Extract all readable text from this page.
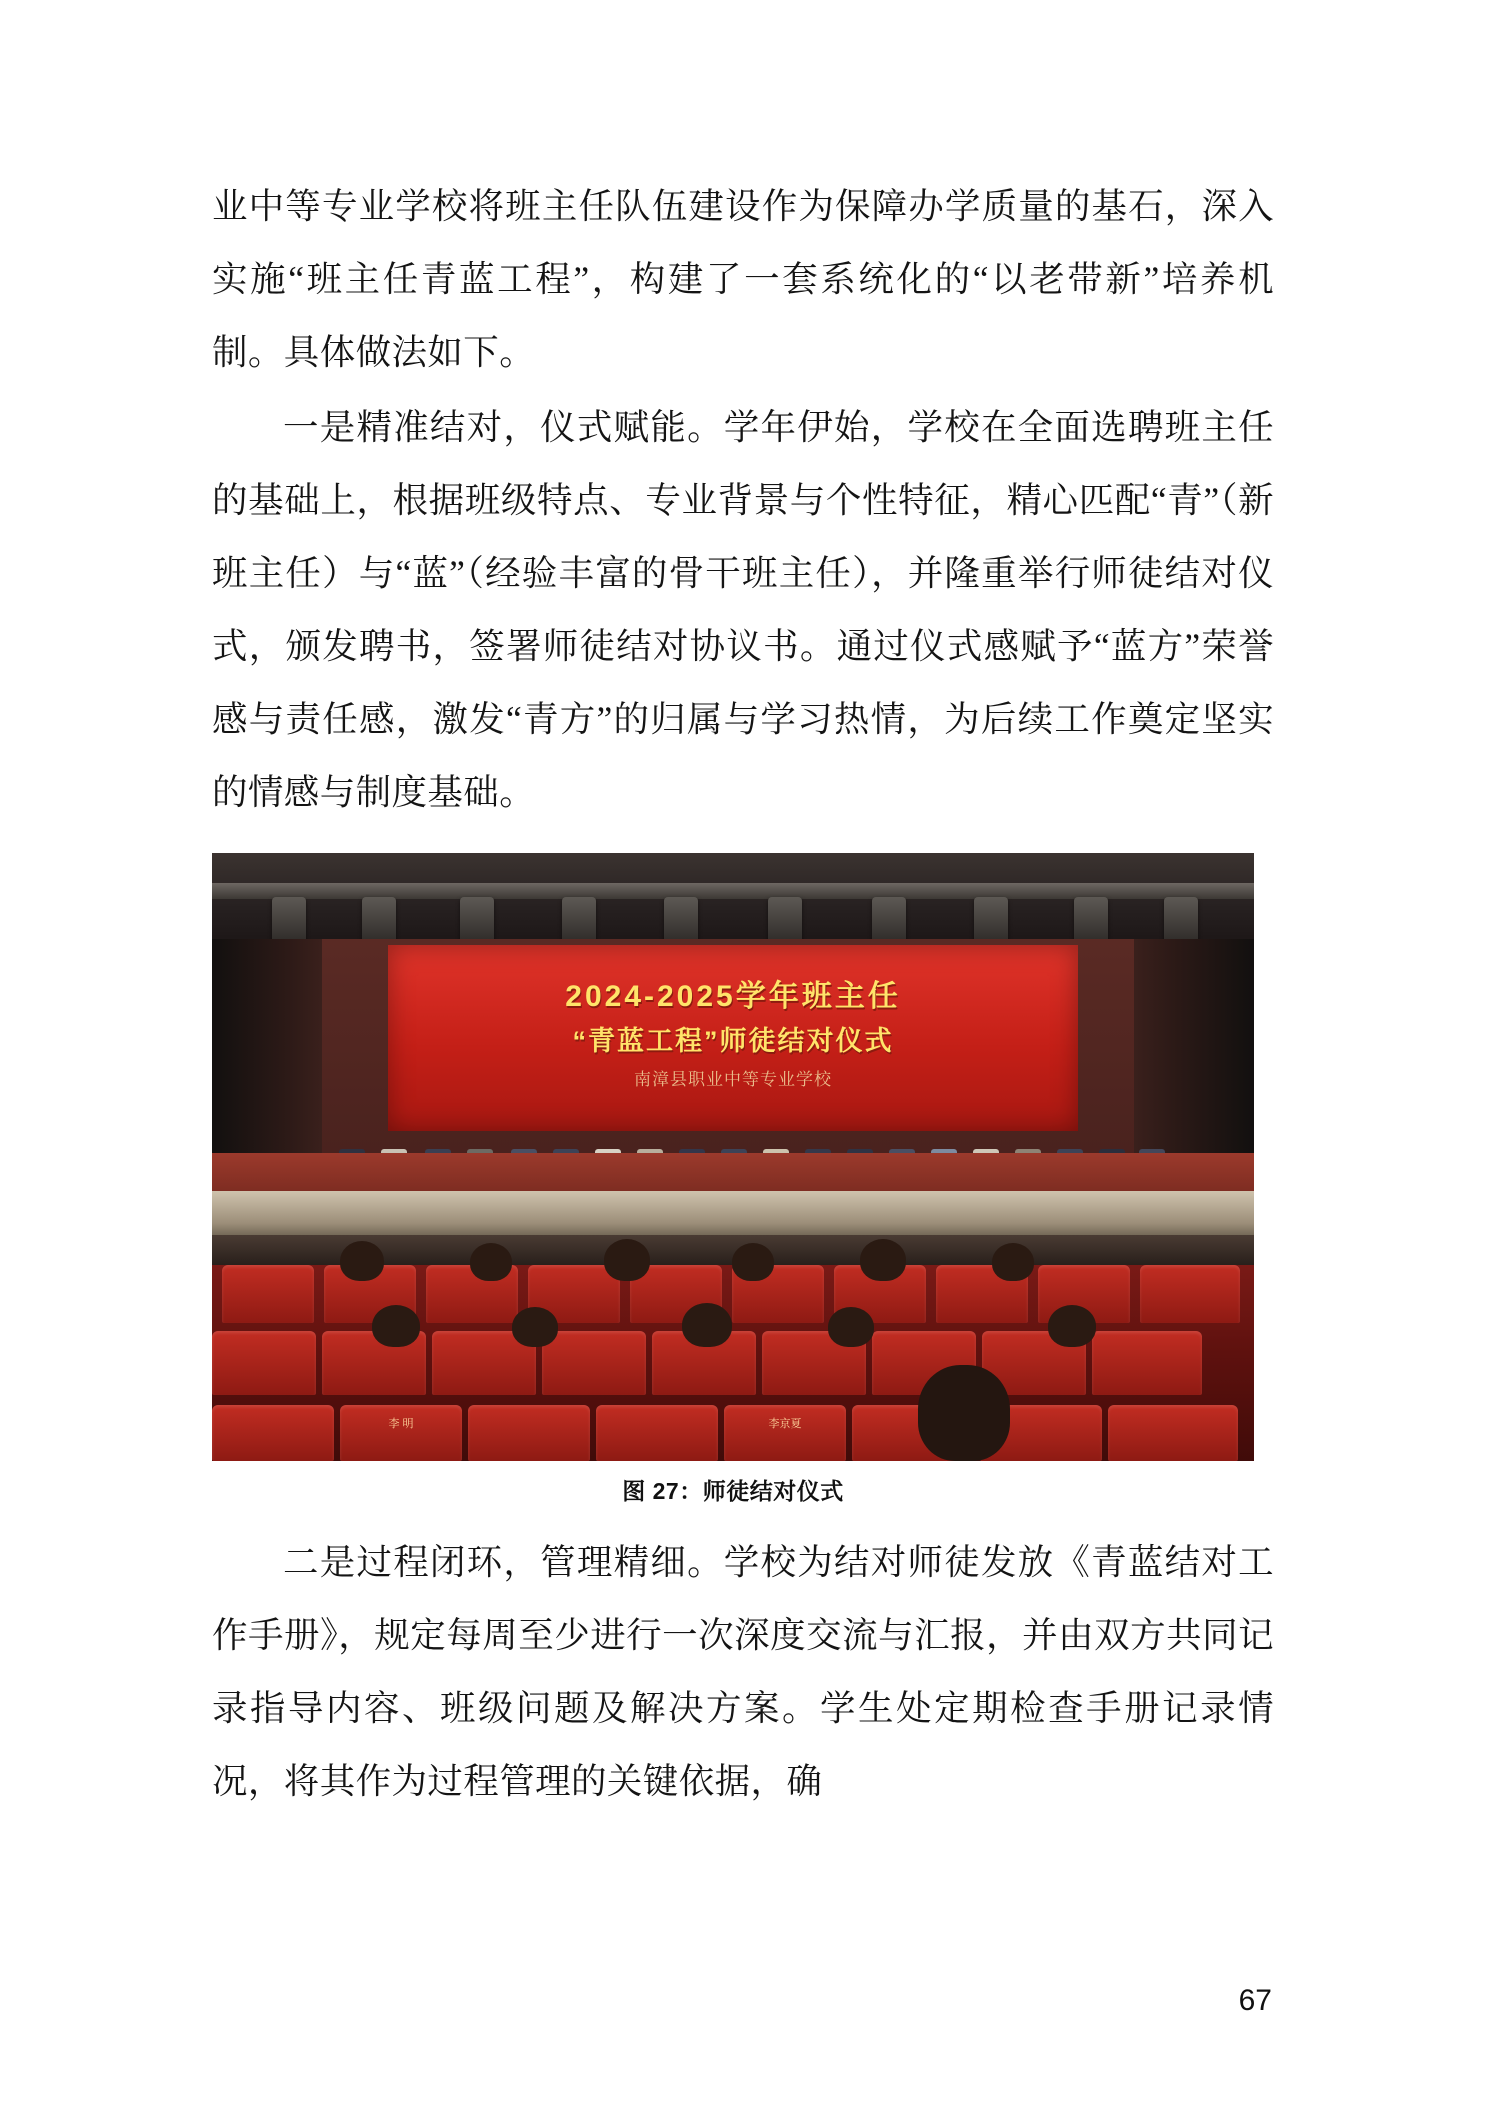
业中等专业学校将班主任队伍建设作为保障办学质量的基石，深入实施“班主任青蓝工程”，构建了一套系统化的“以老带新”培养机制。具体做法如下。

一是精准结对，仪式赋能。学年伊始，学校在全面选聘班主任的基础上，根据班级特点、专业背景与个性特征，精心匹配“青”（新班主任）与“蓝”（经验丰富的骨干班主任），并隆重举行师徒结对仪式，颁发聘书，签署师徒结对协议书。通过仪式感赋予“蓝方”荣誉感与责任感，激发“青方”的归属与学习热情，为后续工作奠定坚实的情感与制度基础。

2024-2025学年班主任
“青蓝工程”师徒结对仪式
南漳县职业中等专业学校
李 明	李京夏
图 27：师徒结对仪式

二是过程闭环，管理精细。学校为结对师徒发放《青蓝结对工作手册》，规定每周至少进行一次深度交流与汇报，并由双方共同记录指导内容、班级问题及解决方案。学生处定期检查手册记录情况，将其作为过程管理的关键依据，确

67
